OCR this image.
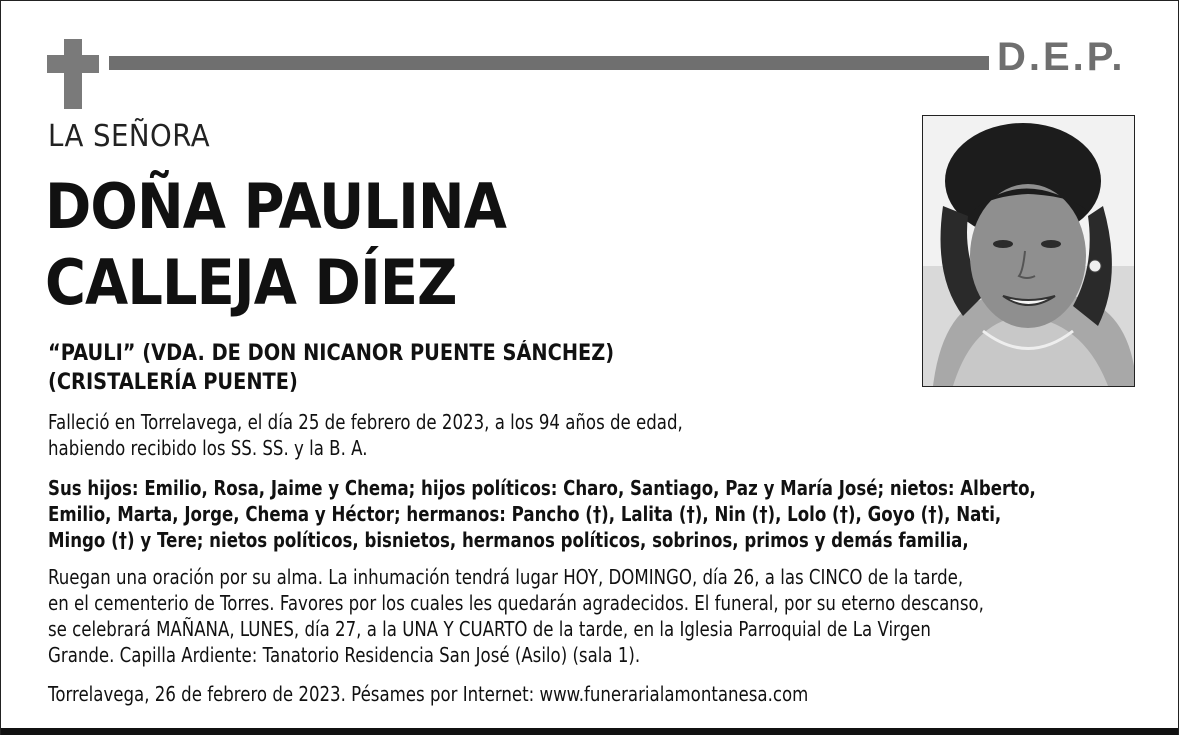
D.E.P.
LA SEÑORA
DOÑA PAULINA
CALLEJA DÍEZ
“PAULI” (VDA. DE DON NICANOR PUENTE SÁNCHEZ)
(CRISTALERÍA PUENTE)
Falleció en Torrelavega, el día 25 de febrero de 2023, a los 94 años de edad,
habiendo recibido los SS. SS. y la B. A.
Sus hijos: Emilio, Rosa, Jaime y Chema; hijos políticos: Charo, Santiago, Paz y María José; nietos: Alberto,
Emilio, Marta, Jorge, Chema y Héctor; hermanos: Pancho (†), Lalita (†), Nin (†), Lolo (†), Goyo (†), Nati,
Mingo (†) y Tere; nietos políticos, bisnietos, hermanos políticos, sobrinos, primos y demás familia,
Ruegan una oración por su alma. La inhumación tendrá lugar HOY, DOMINGO, día 26, a las CINCO de la tarde,
en el cementerio de Torres. Favores por los cuales les quedarán agradecidos. El funeral, por su eterno descanso,
se celebrará MAÑANA, LUNES, día 27, a la UNA Y CUARTO de la tarde, en la Iglesia Parroquial de La Virgen
Grande. Capilla Ardiente: Tanatorio Residencia San José (Asilo) (sala 1).
Torrelavega, 26 de febrero de 2023. Pésames por Internet: www.funerarialamontanesa.com
